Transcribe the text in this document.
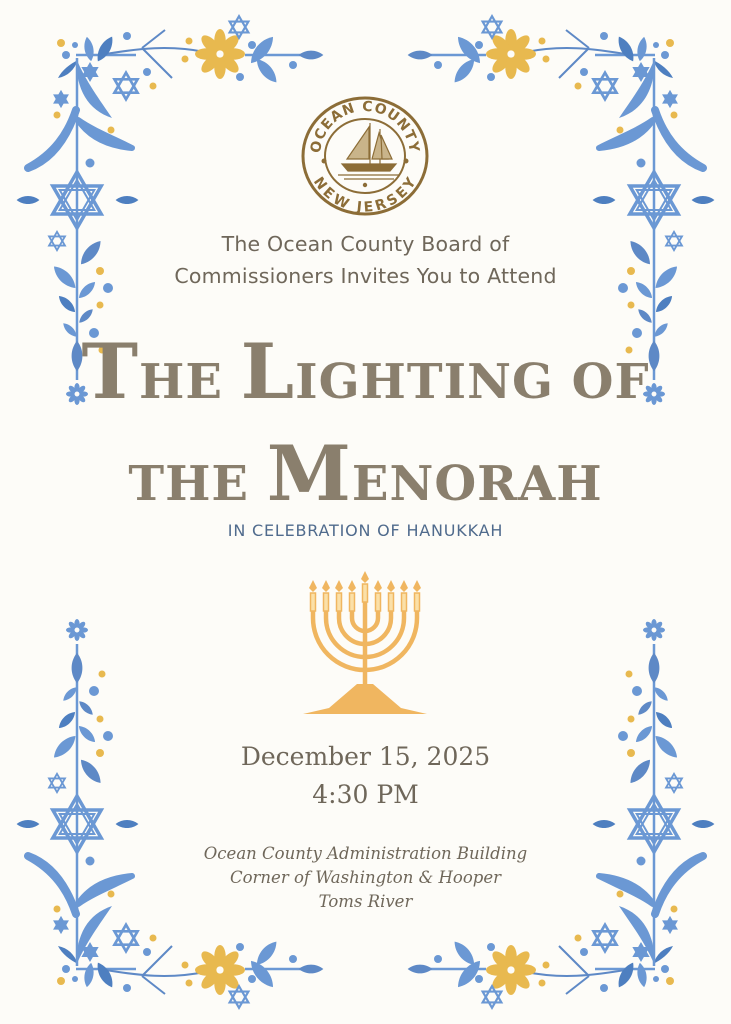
OCEAN COUNTY
NEW JERSEY
The Ocean County Board of
Commissioners Invites You to Attend
THE LIGHTING OF
THE MENORAH
IN CELEBRATION OF HANUKKAH
December 15, 2025
4:30 PM
Ocean County Administration Building
Corner of Washington & Hooper
Toms River
